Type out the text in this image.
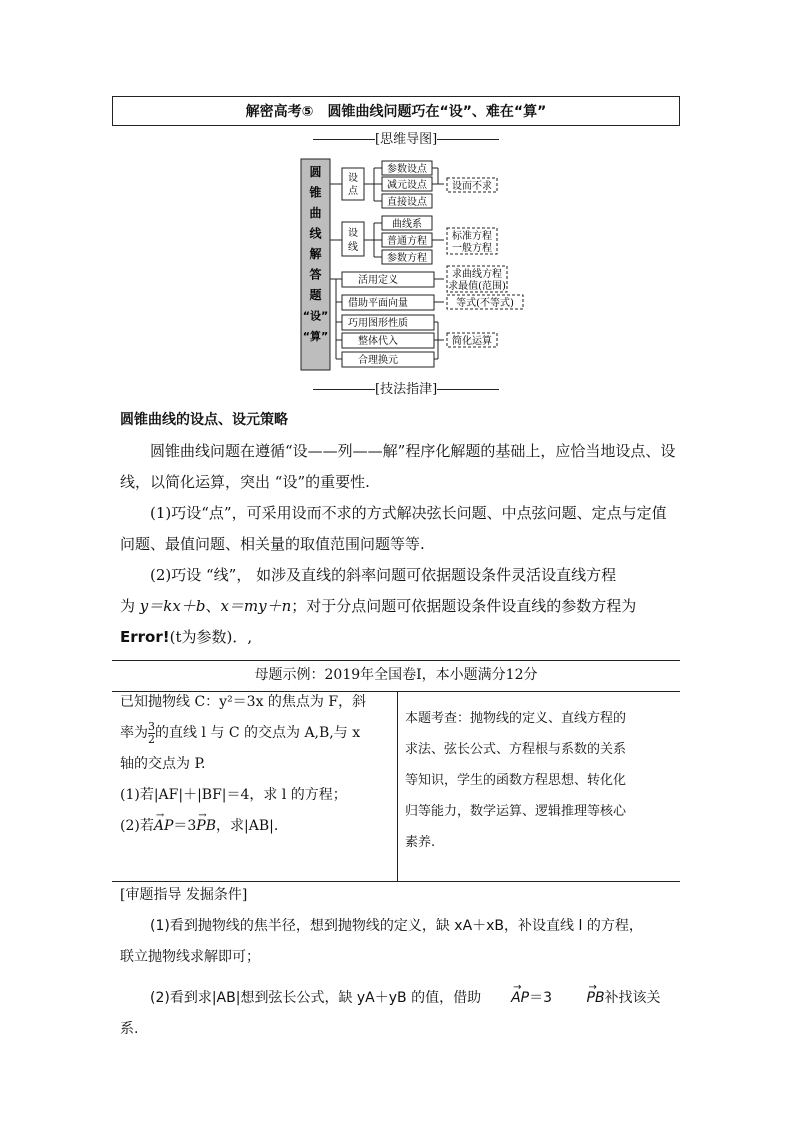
解密高考⑤　圆锥曲线问题巧在“设”、难在“算”
[思维导图]
圆
锥
曲
线
解
答
题
“设”
“算”
设
点
参数设点
减元设点
直接设点
设而不求
设
线
曲线系
普通方程
参数方程
标准方程
一般方程
活用定义
借助平面向量
巧用图形性质
整体代入
合理换元
求曲线方程
求最值(范围)
等式(不等式)
简化运算
[技法指津]
圆锥曲线的设点、设元策略
圆锥曲线问题在遵循“设——列——解”程序化解题的基础上，应恰当地设点、设线，以简化运算，突出 “设”的重要性.
(1)巧设“点”，可采用设而不求的方式解决弦长问题、中点弦问题、定点与定值问题、最值问题、相关量的取值范围问题等等.
(2)巧设 “线”， 如涉及直线的斜率问题可依据题设条件灵活设直线方程
为 y＝kx＋b、x＝my＋n；对于分点问题可依据题设条件设直线的参数方程为
Error!(t为参数)．,
母题示例：2019年全国卷Ⅰ，本小题满分12分
已知抛物线 C：y²＝3x 的焦点为 F，斜
率为 $\frac{3}{2}$ 的直线 l 与 C 的交点为 A,B,与 x
轴的交点为 P.
(1)若|AF|＋|BF|＝4，求 l 的方程；
(2)若→ AP＝3→ PB，求|AB|.
本题考查：抛物线的定义、直线方程的
求法、弦长公式、方程根与系数的关系
等知识，学生的函数方程思想、转化化
归等能力，数学运算、逻辑推理等核心
素养.
[审题指导 发掘条件]
(1)看到抛物线的焦半径，想到抛物线的定义，缺 xA＋xB，补设直线 l 的方程，
联立抛物线求解即可；
(2)看到求|AB|想到弦长公式，缺 yA＋yB 的值，借助→ AP＝3 → PB补找该关系.
